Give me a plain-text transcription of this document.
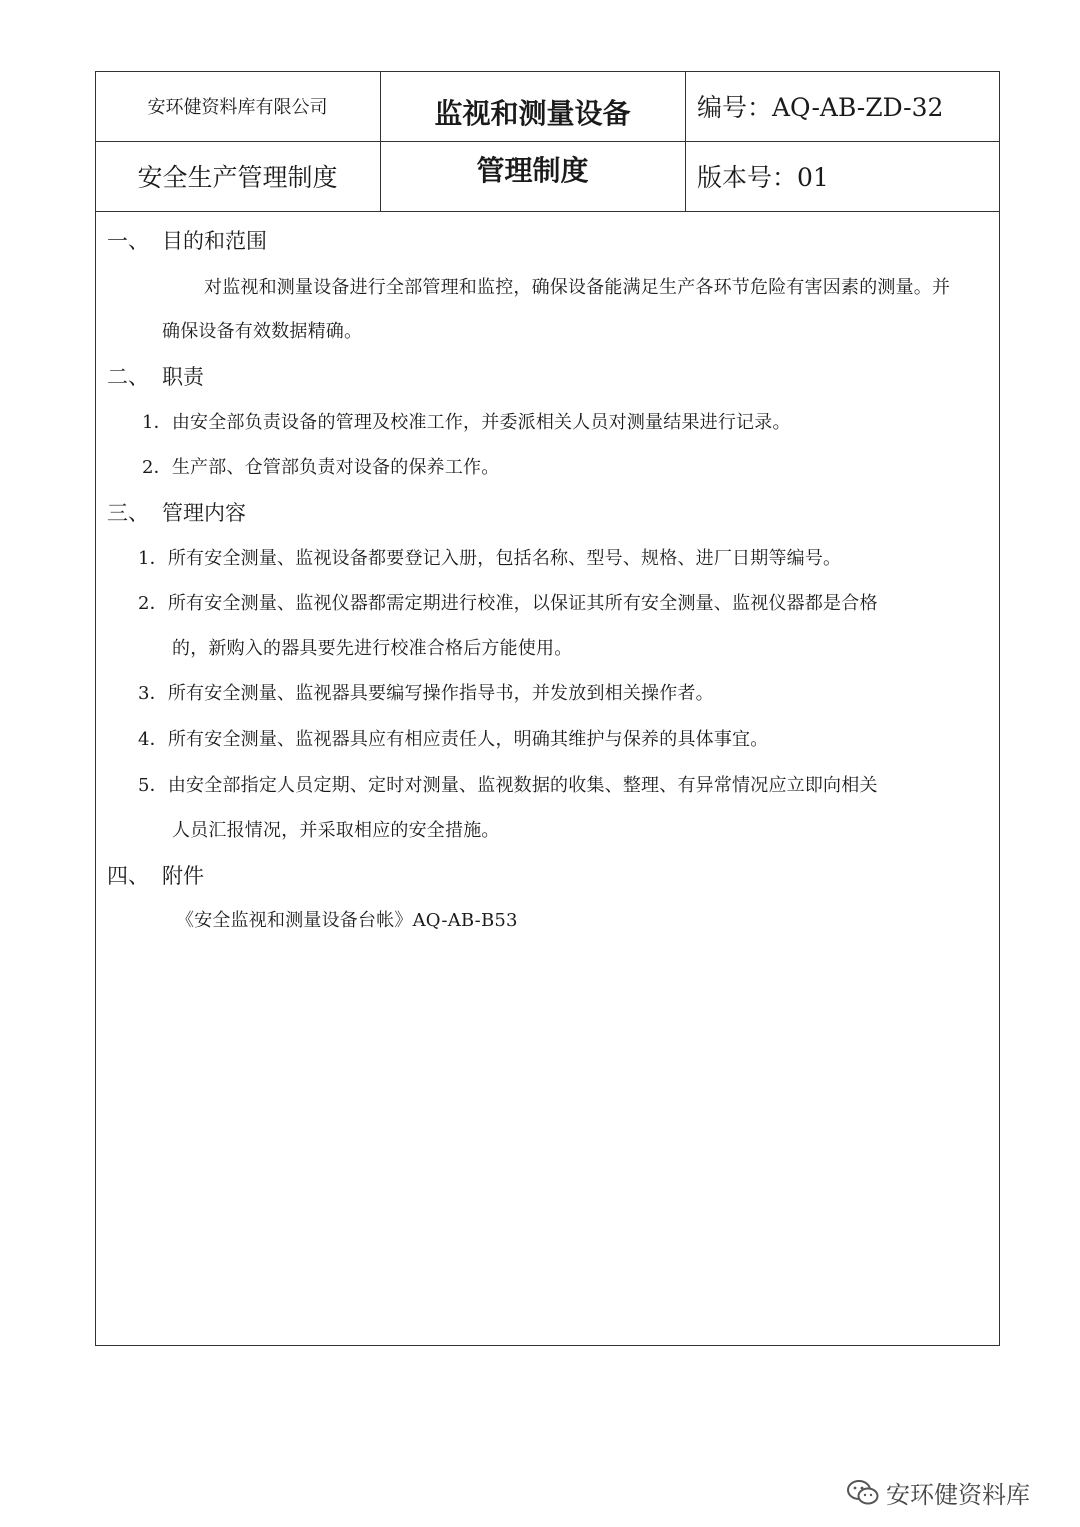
安环健资料库有限公司
安全生产管理制度
监视和测量设备
管理制度
编号：AQ-AB-ZD-32
版本号：01
一、 目的和范围
对监视和测量设备进行全部管理和监控，确保设备能满足生产各环节危险有害因素的测量。并
确保设备有效数据精确。
二、 职责
1．由安全部负责设备的管理及校准工作，并委派相关人员对测量结果进行记录。
2．生产部、仓管部负责对设备的保养工作。
三、 管理内容
1．所有安全测量、监视设备都要登记入册，包括名称、型号、规格、进厂日期等编号。
2．所有安全测量、监视仪器都需定期进行校准，以保证其所有安全测量、监视仪器都是合格
的，新购入的器具要先进行校准合格后方能使用。
3．所有安全测量、监视器具要编写操作指导书，并发放到相关操作者。
4．所有安全测量、监视器具应有相应责任人，明确其维护与保养的具体事宜。
5．由安全部指定人员定期、定时对测量、监视数据的收集、整理、有异常情况应立即向相关
人员汇报情况，并采取相应的安全措施。
四、 附件
《安全监视和测量设备台帐》AQ-AB-B53
安环健资料库
